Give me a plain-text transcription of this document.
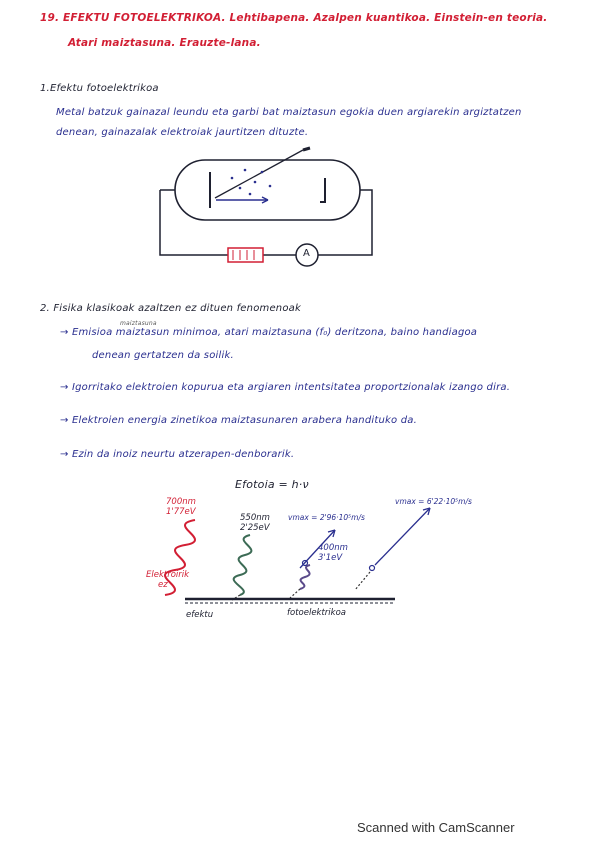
19. EFEKTU FOTOELEKTRIKOA. Lehtibapena. Azalpen kuantikoa. Einstein-en teoria.
Atari maiztasuna. Erauzte-lana.
1.Efektu fotoelektrikoa
Metal batzuk gainazal leundu eta garbi bat maiztasun egokia duen argiarekin argiztatzen
denean, gainazalak elektroiak jaurtitzen dituzte.
A
2. Fisika klasikoak azaltzen ez dituen fenomenoak
maiztasuna
→ Emisioa maiztasun minimoa, atari maiztasuna (f₀) deritzona, baino handiagoa
denean gertatzen da soilik.
→ Igorritako elektroien kopurua eta argiaren intentsitatea proportzionalak izango dira.
→ Elektroien energia zinetikoa maiztasunaren arabera handituko da.
→ Ezin da inoiz neurtu atzerapen-denborarik.
Efotoia = h·ν
700nm
1'77eV
550nm
2'25eV
400nm
3'1eV
vmax = 2'96·10⁵m/s
vmax = 6'22·10⁵m/s
Elektroirik
ez
efektu	fotoelektrikoa
Scanned with CamScanner
